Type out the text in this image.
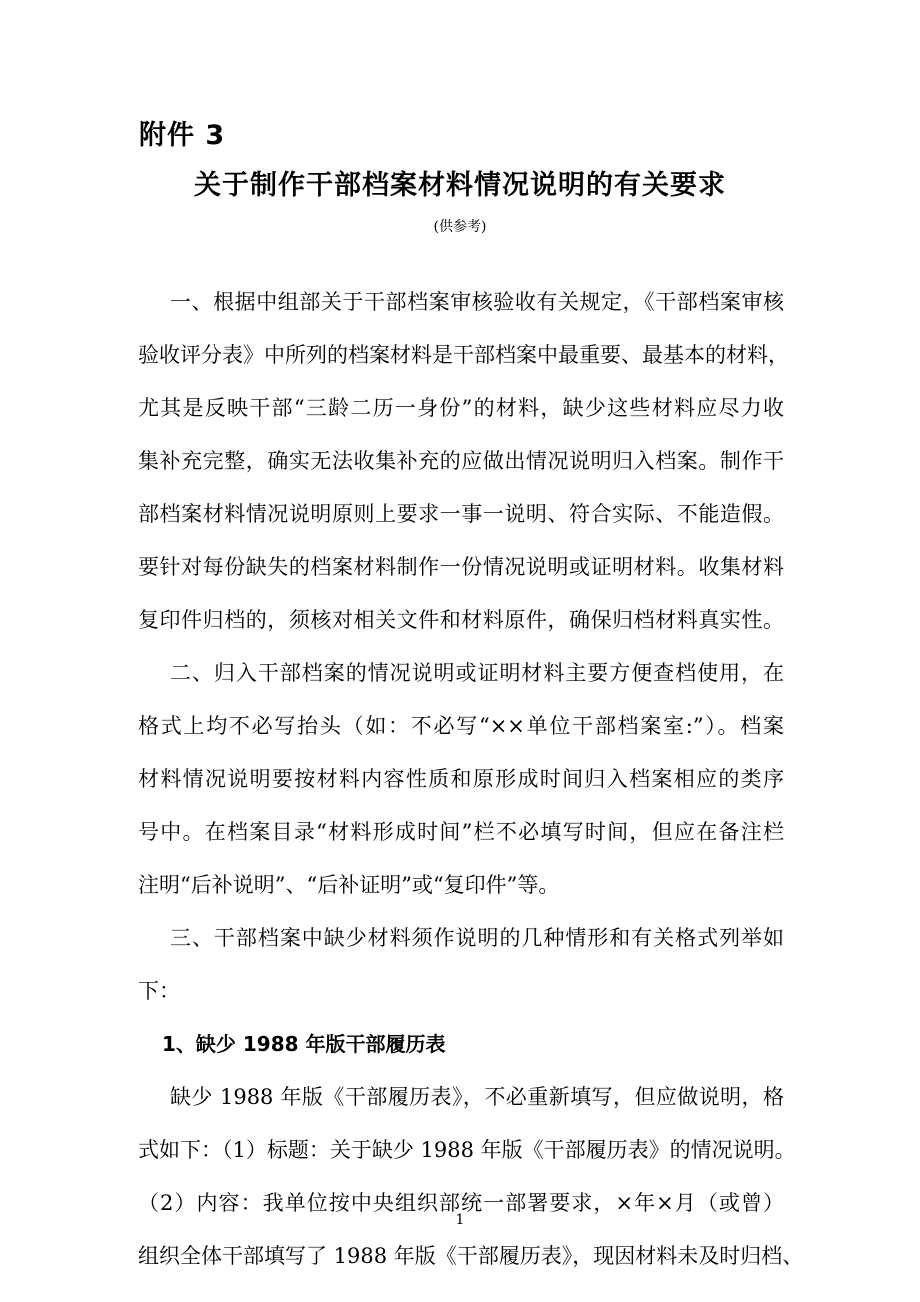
附件 3
关于制作干部档案材料情况说明的有关要求
(供参考)
一、根据中组部关于干部档案审核验收有关规定，《干部档案审核
验收评分表》中所列的档案材料是干部档案中最重要、最基本的材料，
尤其是反映干部“三龄二历一身份”的材料，缺少这些材料应尽力收
集补充完整，确实无法收集补充的应做出情况说明归入档案。制作干
部档案材料情况说明原则上要求一事一说明、符合实际、不能造假。
要针对每份缺失的档案材料制作一份情况说明或证明材料。收集材料
复印件归档的，须核对相关文件和材料原件，确保归档材料真实性。
二、归入干部档案的情况说明或证明材料主要方便查档使用，在
格式上均不必写抬头（如：不必写“××单位干部档案室:”）。档案
材料情况说明要按材料内容性质和原形成时间归入档案相应的类序
号中。在档案目录“材料形成时间”栏不必填写时间，但应在备注栏
注明“后补说明”、“后补证明”或“复印件”等。
三、干部档案中缺少材料须作说明的几种情形和有关格式列举如
下：
1、缺少 1988 年版干部履历表
缺少 1988 年版《干部履历表》，不必重新填写，但应做说明，格
式如下：（1）标题：关于缺少 1988 年版《干部履历表》的情况说明。
（2）内容：我单位按中央组织部统一部署要求，×年×月（或曾）
组织全体干部填写了 1988 年版《干部履历表》，现因材料未及时归档、
1
